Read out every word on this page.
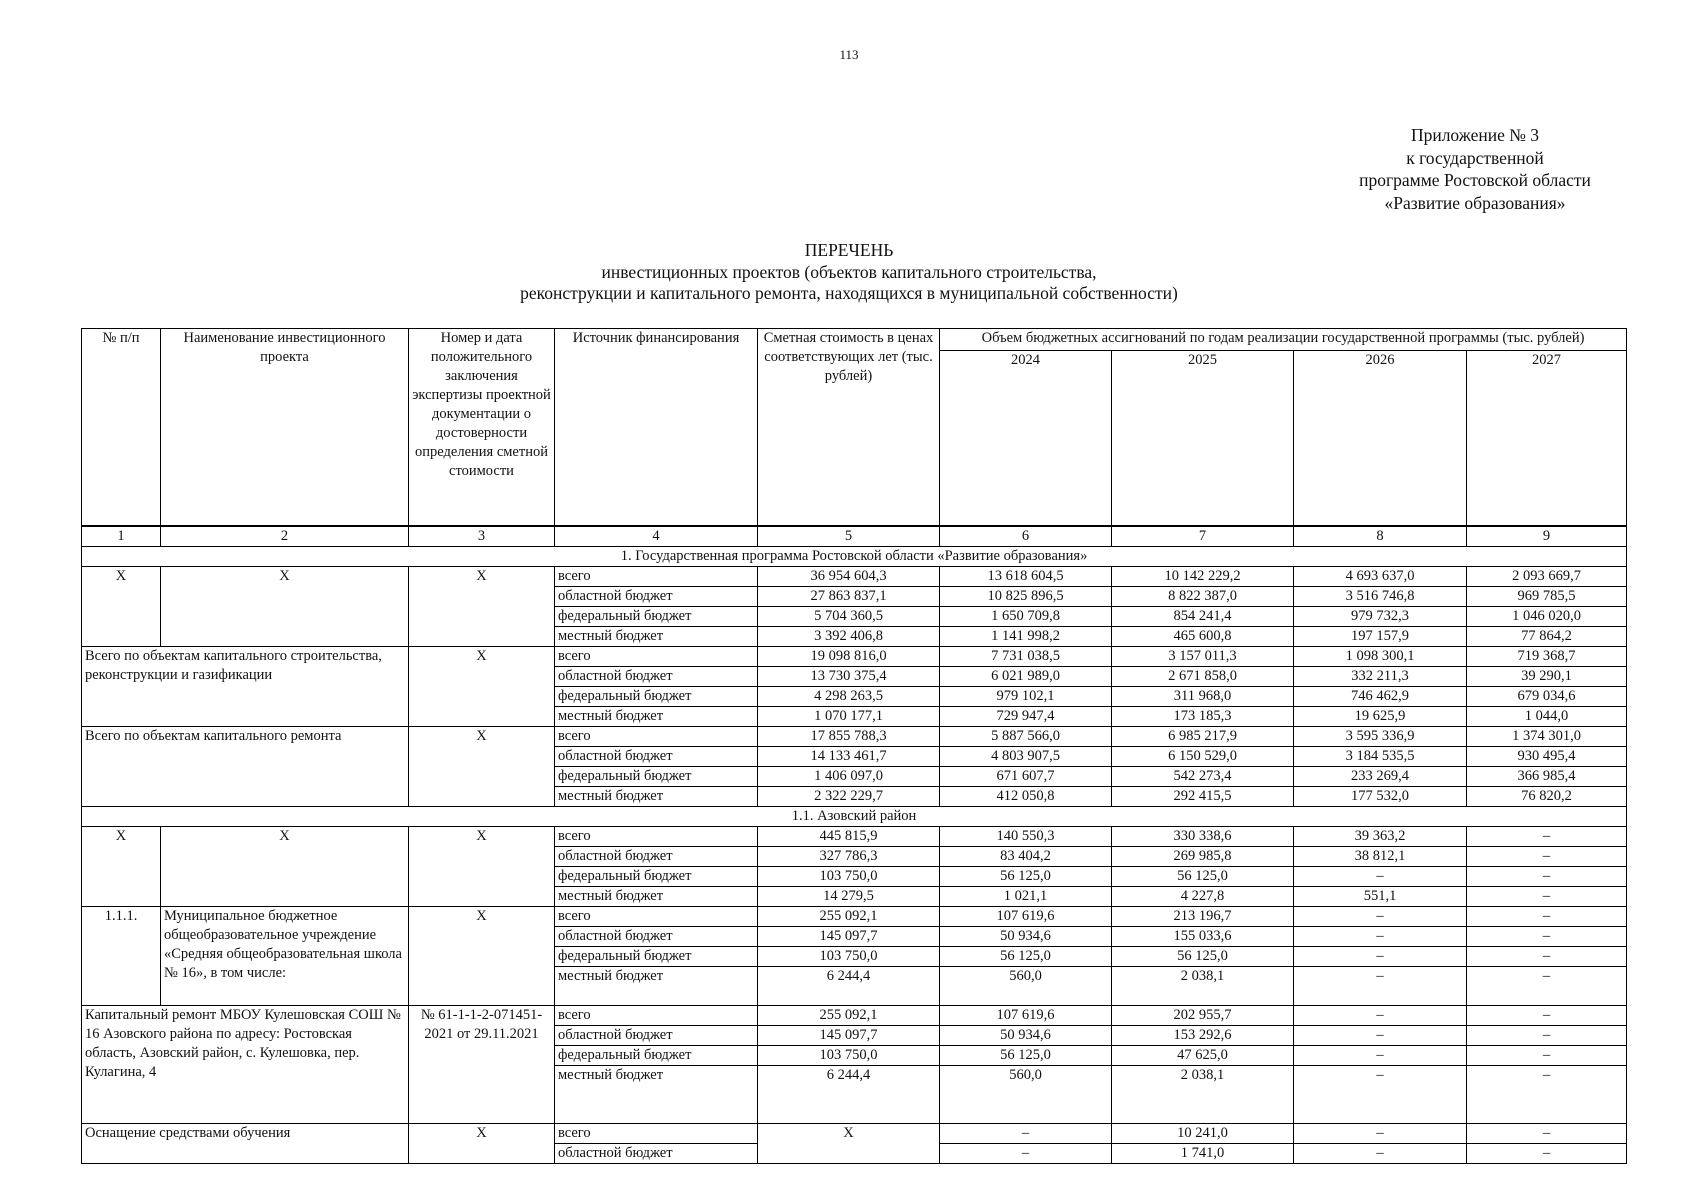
113
Приложение № 3
к государственной
программе Ростовской области
«Развитие образования»
ПЕРЕЧЕНЬ
инвестиционных проектов (объектов капитального строительства,
реконструкции и капитального ремонта, находящихся в муниципальной собственности)
№ п/п	Наименование инвестиционного проекта	Номер и дата положительного заключения экспертизы проектной документации о достоверности определения сметной стоимости	Источник финансирования	Сметная стоимость в ценах соответствующих лет (тыс. рублей)	Объем бюджетных ассигнований по годам реализации государственной программы (тыс. рублей)			
					2024	2025	2026	2027
1	2	3	4	5	6	7	8	9
1. Государственная программа Ростовской области «Развитие образования»								
X	X	X	всего	36 954 604,3	13 618 604,5	10 142 229,2	4 693 637,0	2 093 669,7
			областной бюджет	27 863 837,1	10 825 896,5	8 822 387,0	3 516 746,8	969 785,5
			федеральный бюджет	5 704 360,5	1 650 709,8	854 241,4	979 732,3	1 046 020,0
			местный бюджет	3 392 406,8	1 141 998,2	465 600,8	197 157,9	77 864,2
Всего по объектам капитального строительства, реконструкции и газификации		X	всего	19 098 816,0	7 731 038,5	3 157 011,3	1 098 300,1	719 368,7
			областной бюджет	13 730 375,4	6 021 989,0	2 671 858,0	332 211,3	39 290,1
			федеральный бюджет	4 298 263,5	979 102,1	311 968,0	746 462,9	679 034,6
			местный бюджет	1 070 177,1	729 947,4	173 185,3	19 625,9	1 044,0
Всего по объектам капитального ремонта		X	всего	17 855 788,3	5 887 566,0	6 985 217,9	3 595 336,9	1 374 301,0
			областной бюджет	14 133 461,7	4 803 907,5	6 150 529,0	3 184 535,5	930 495,4
			федеральный бюджет	1 406 097,0	671 607,7	542 273,4	233 269,4	366 985,4
			местный бюджет	2 322 229,7	412 050,8	292 415,5	177 532,0	76 820,2
1.1. Азовский район								
X	X	X	всего	445 815,9	140 550,3	330 338,6	39 363,2	–
			областной бюджет	327 786,3	83 404,2	269 985,8	38 812,1	–
			федеральный бюджет	103 750,0	56 125,0	56 125,0	–	–
			местный бюджет	14 279,5	1 021,1	4 227,8	551,1	–
1.1.1.	Муниципальное бюджетное общеобразовательное учреждение «Средняя общеобразовательная школа № 16», в том числе:	X	всего	255 092,1	107 619,6	213 196,7	–	–
			областной бюджет	145 097,7	50 934,6	155 033,6	–	–
			федеральный бюджет	103 750,0	56 125,0	56 125,0	–	–
			местный бюджет	6 244,4	560,0	2 038,1	–	–
Капитальный ремонт МБОУ Кулешовская СОШ № 16 Азовского района по адресу: Ростовская область, Азовский район, с. Кулешовка, пер. Кулагина, 4		№ 61-1-1-2-071451-2021 от 29.11.2021	всего	255 092,1	107 619,6	202 955,7	–	–
			областной бюджет	145 097,7	50 934,6	153 292,6	–	–
			федеральный бюджет	103 750,0	56 125,0	47 625,0	–	–
			местный бюджет	6 244,4	560,0	2 038,1	–	–
Оснащение средствами обучения		X	всего	X	–	10 241,0	–	–
			областной бюджет		–	1 741,0	–	–
